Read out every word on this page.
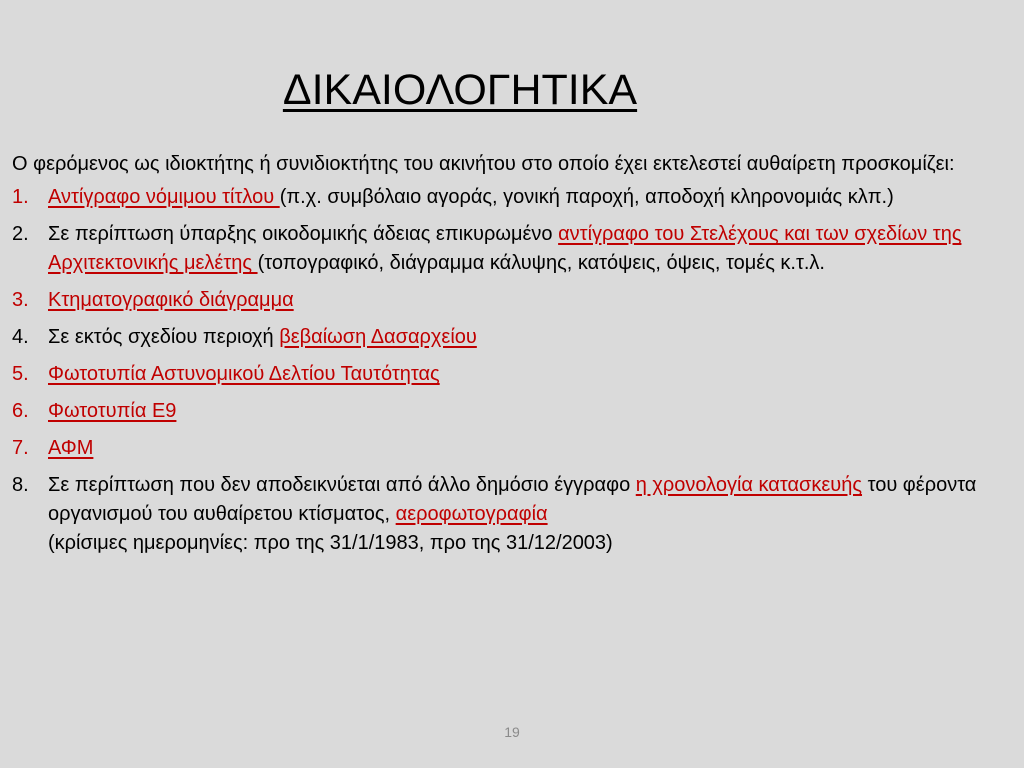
ΔΙΚΑΙΟΛΟΓΗΤΙΚΑ

Ο φερόμενος ως ιδιοκτήτης ή συνιδιοκτήτης του ακινήτου στο οποίο έχει εκτελεστεί αυθαίρετη προσκομίζει:

1. Αντίγραφο νόμιμου τίτλου (π.χ. συμβόλαιο αγοράς, γονική παροχή, αποδοχή κληρονομιάς κλπ.)
2. Σε περίπτωση ύπαρξης οικοδομικής άδειας επικυρωμένο αντίγραφο του Στελέχους και των σχεδίων της Αρχιτεκτονικής μελέτης (τοπογραφικό, διάγραμμα κάλυψης, κατόψεις, όψεις, τομές κ.τ.λ.
3. Κτηματογραφικό διάγραμμα
4. Σε εκτός σχεδίου περιοχή βεβαίωση Δασαρχείου
5. Φωτοτυπία Αστυνομικού Δελτίου Ταυτότητας
6. Φωτοτυπία Ε9
7. ΑΦΜ
8. Σε περίπτωση που δεν αποδεικνύεται από άλλο δημόσιο έγγραφο η χρονολογία κατασκευής του φέροντα οργανισμού του αυθαίρετου κτίσματος, αεροφωτογραφία
(κρίσιμες ημερομηνίες: προ της 31/1/1983, προ της 31/12/2003)
19
